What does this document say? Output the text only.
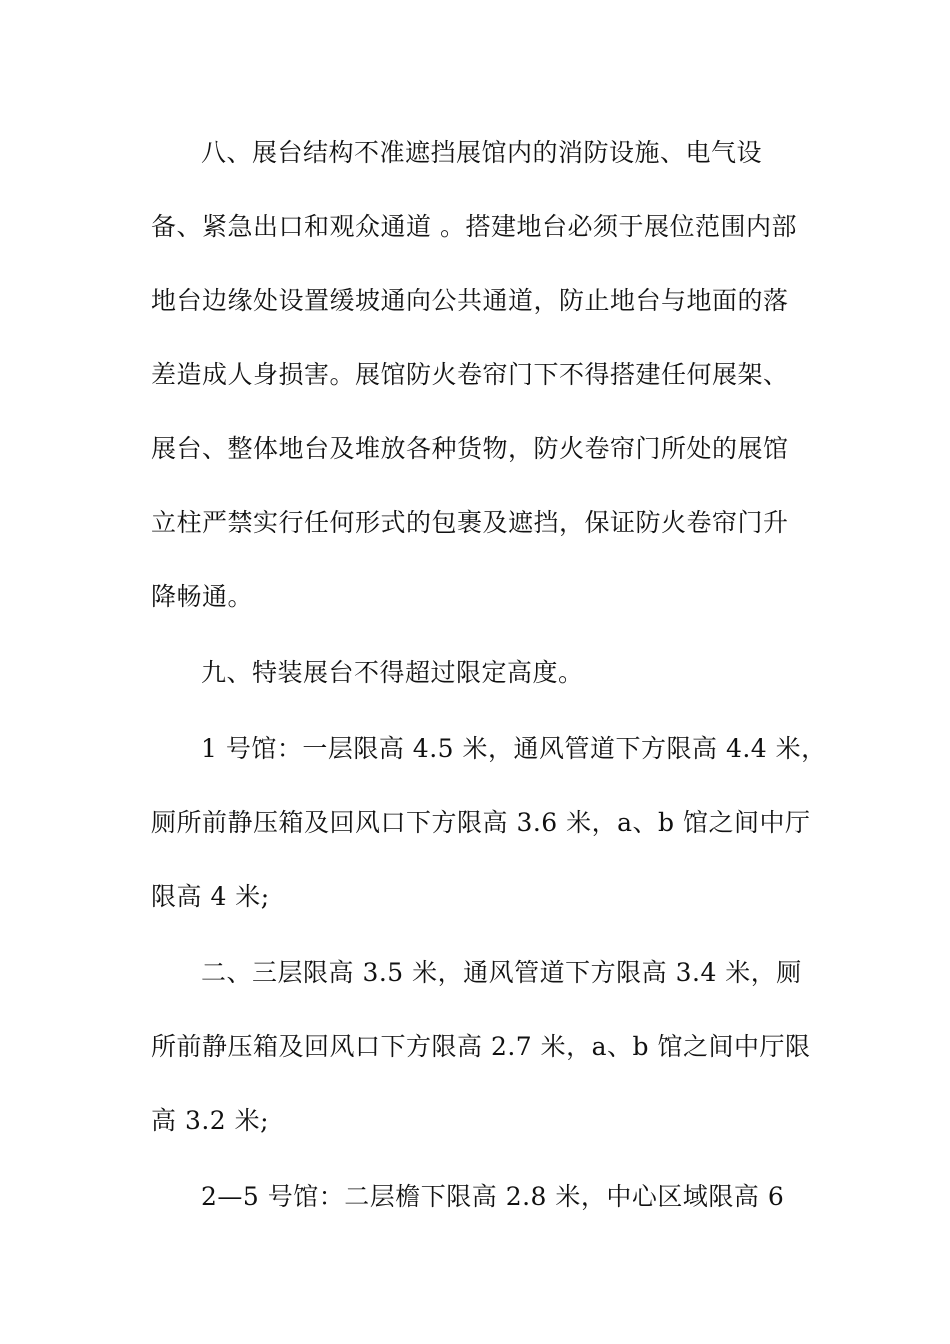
八、展台结构不准遮挡展馆内的消防设施、电气设
备、紧急出口和观众通道 。搭建地台必须于展位范围内部
地台边缘处设置缓坡通向公共通道，防止地台与地面的落
差造成人身损害。展馆防火卷帘门下不得搭建任何展架、
展台、整体地台及堆放各种货物，防火卷帘门所处的展馆
立柱严禁实行任何形式的包裹及遮挡，保证防火卷帘门升
降畅通。
九、特装展台不得超过限定高度。
1 号馆：一层限高 4.5 米，通风管道下方限高 4.4 米，
厕所前静压箱及回风口下方限高 3.6 米，a、b 馆之间中厅
限高 4 米;
二、三层限高 3.5 米，通风管道下方限高 3.4 米，厕
所前静压箱及回风口下方限高 2.7 米，a、b 馆之间中厅限
高 3.2 米;
2—5 号馆：二层檐下限高 2.8 米，中心区域限高 6
